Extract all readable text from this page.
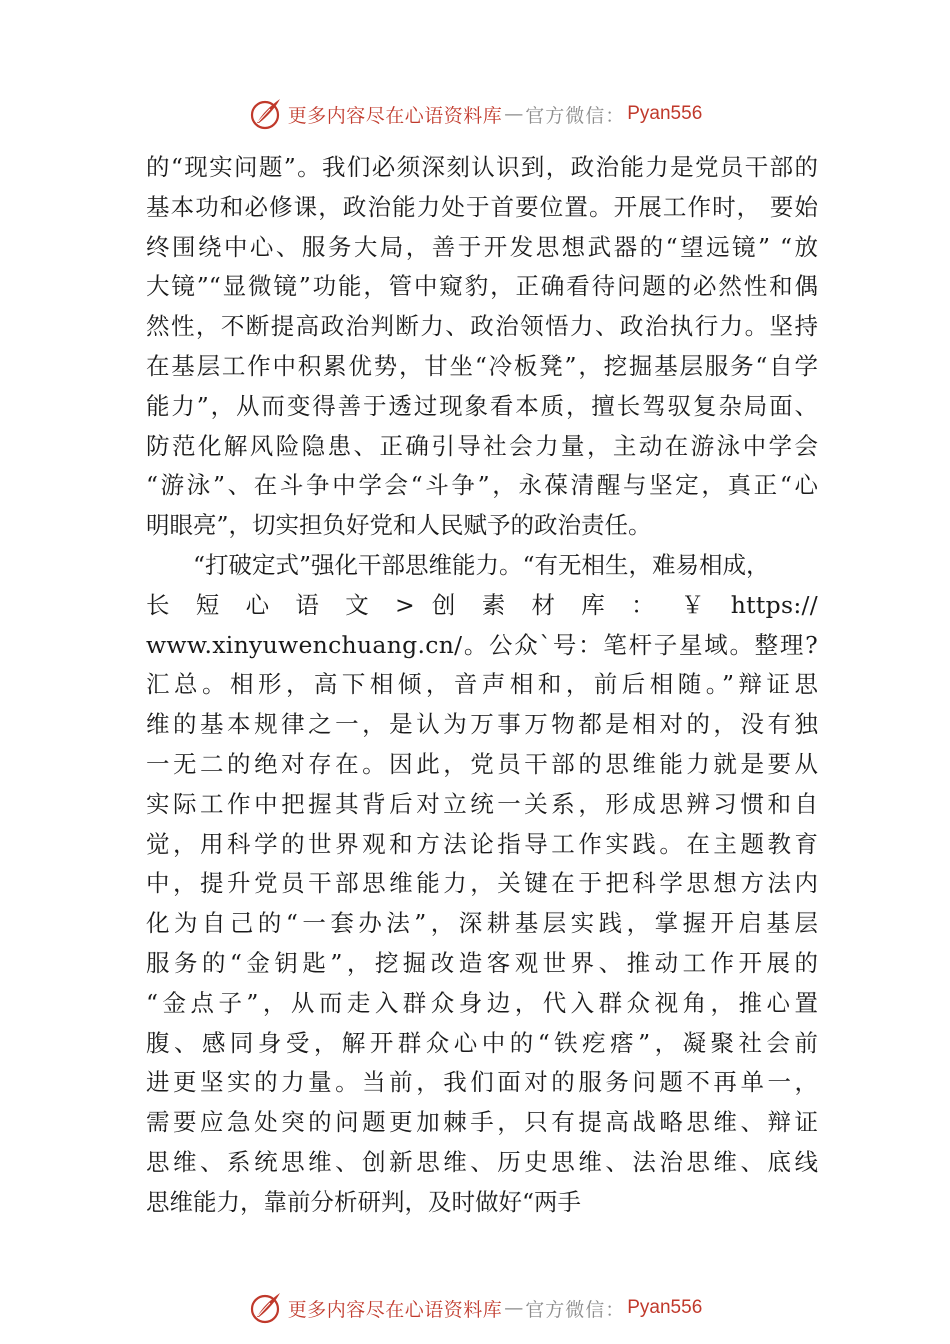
更多内容尽在心语资料库 — 官方微信： Pyan556
的“现实问题”。我们必须深刻认识到，政治能力是党员干部的
基本功和必修课，政治能力处于首要位置。开展工作时， 要始
终围绕中心、服务大局，善于开发思想武器的“望远镜” “放
大镜”“显微镜”功能，管中窥豹，正确看待问题的必然性和偶
然性，不断提高政治判断力、政治领悟力、政治执行力。坚持
在基层工作中积累优势，甘坐“冷板凳”，挖掘基层服务“自学
能力”，从而变得善于透过现象看本质，擅长驾驭复杂局面、
防范化解风险隐患、正确引导社会力量，主动在游泳中学会
“游泳”、在斗争中学会“斗争”，永葆清醒与坚定，真正“心
明眼亮”，切实担负好党和人民赋予的政治责任。
“打破定式”强化干部思维能力。“有无相生，难易相成，
长 短 心 语 文 > 创 素 材 库 ： ￥ https://
www.xinyuwenchuang.cn/。公众`号：笔杆子星域。整理?
汇总。相形，高下相倾，音声相和，前后相随。”辩证思
维的基本规律之一，是认为万事万物都是相对的，没有独
一无二的绝对存在。因此，党员干部的思维能力就是要从
实际工作中把握其背后对立统一关系，形成思辨习惯和自
觉，用科学的世界观和方法论指导工作实践。在主题教育
中，提升党员干部思维能力，关键在于把科学思想方法内
化为自己的“一套办法”，深耕基层实践，掌握开启基层
服务的“金钥匙”，挖掘改造客观世界、推动工作开展的
“金点子”，从而走入群众身边，代入群众视角，推心置
腹、感同身受，解开群众心中的“铁疙瘩”，凝聚社会前
进更坚实的力量。当前，我们面对的服务问题不再单一，
需要应急处突的问题更加棘手，只有提高战略思维、辩证
思维、系统思维、创新思维、历史思维、法治思维、底线
思维能力，靠前分析研判，及时做好“两手
更多内容尽在心语资料库 — 官方微信： Pyan556
